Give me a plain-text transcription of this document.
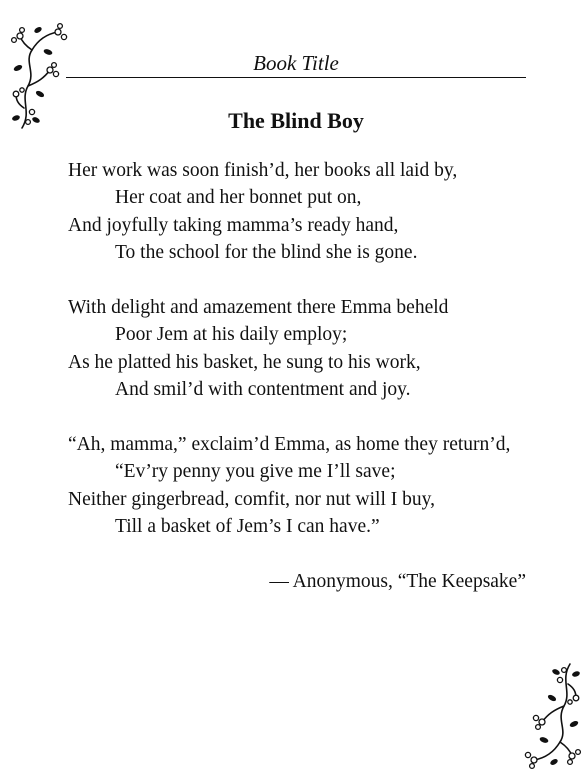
Book Title
The Blind Boy
Her work was soon finish’d, her books all laid by,
Her coat and her bonnet put on,
And joyfully taking mamma’s ready hand,
To the school for the blind she is gone.
With delight and amazement there Emma beheld
Poor Jem at his daily employ;
As he platted his basket, he sung to his work,
And smil’d with contentment and joy.
“Ah, mamma,” exclaim’d Emma, as home they return’d,
“Ev’ry penny you give me I’ll save;
Neither gingerbread, comfit, nor nut will I buy,
Till a basket of Jem’s I can have.”
— Anonymous, “The Keepsake”
